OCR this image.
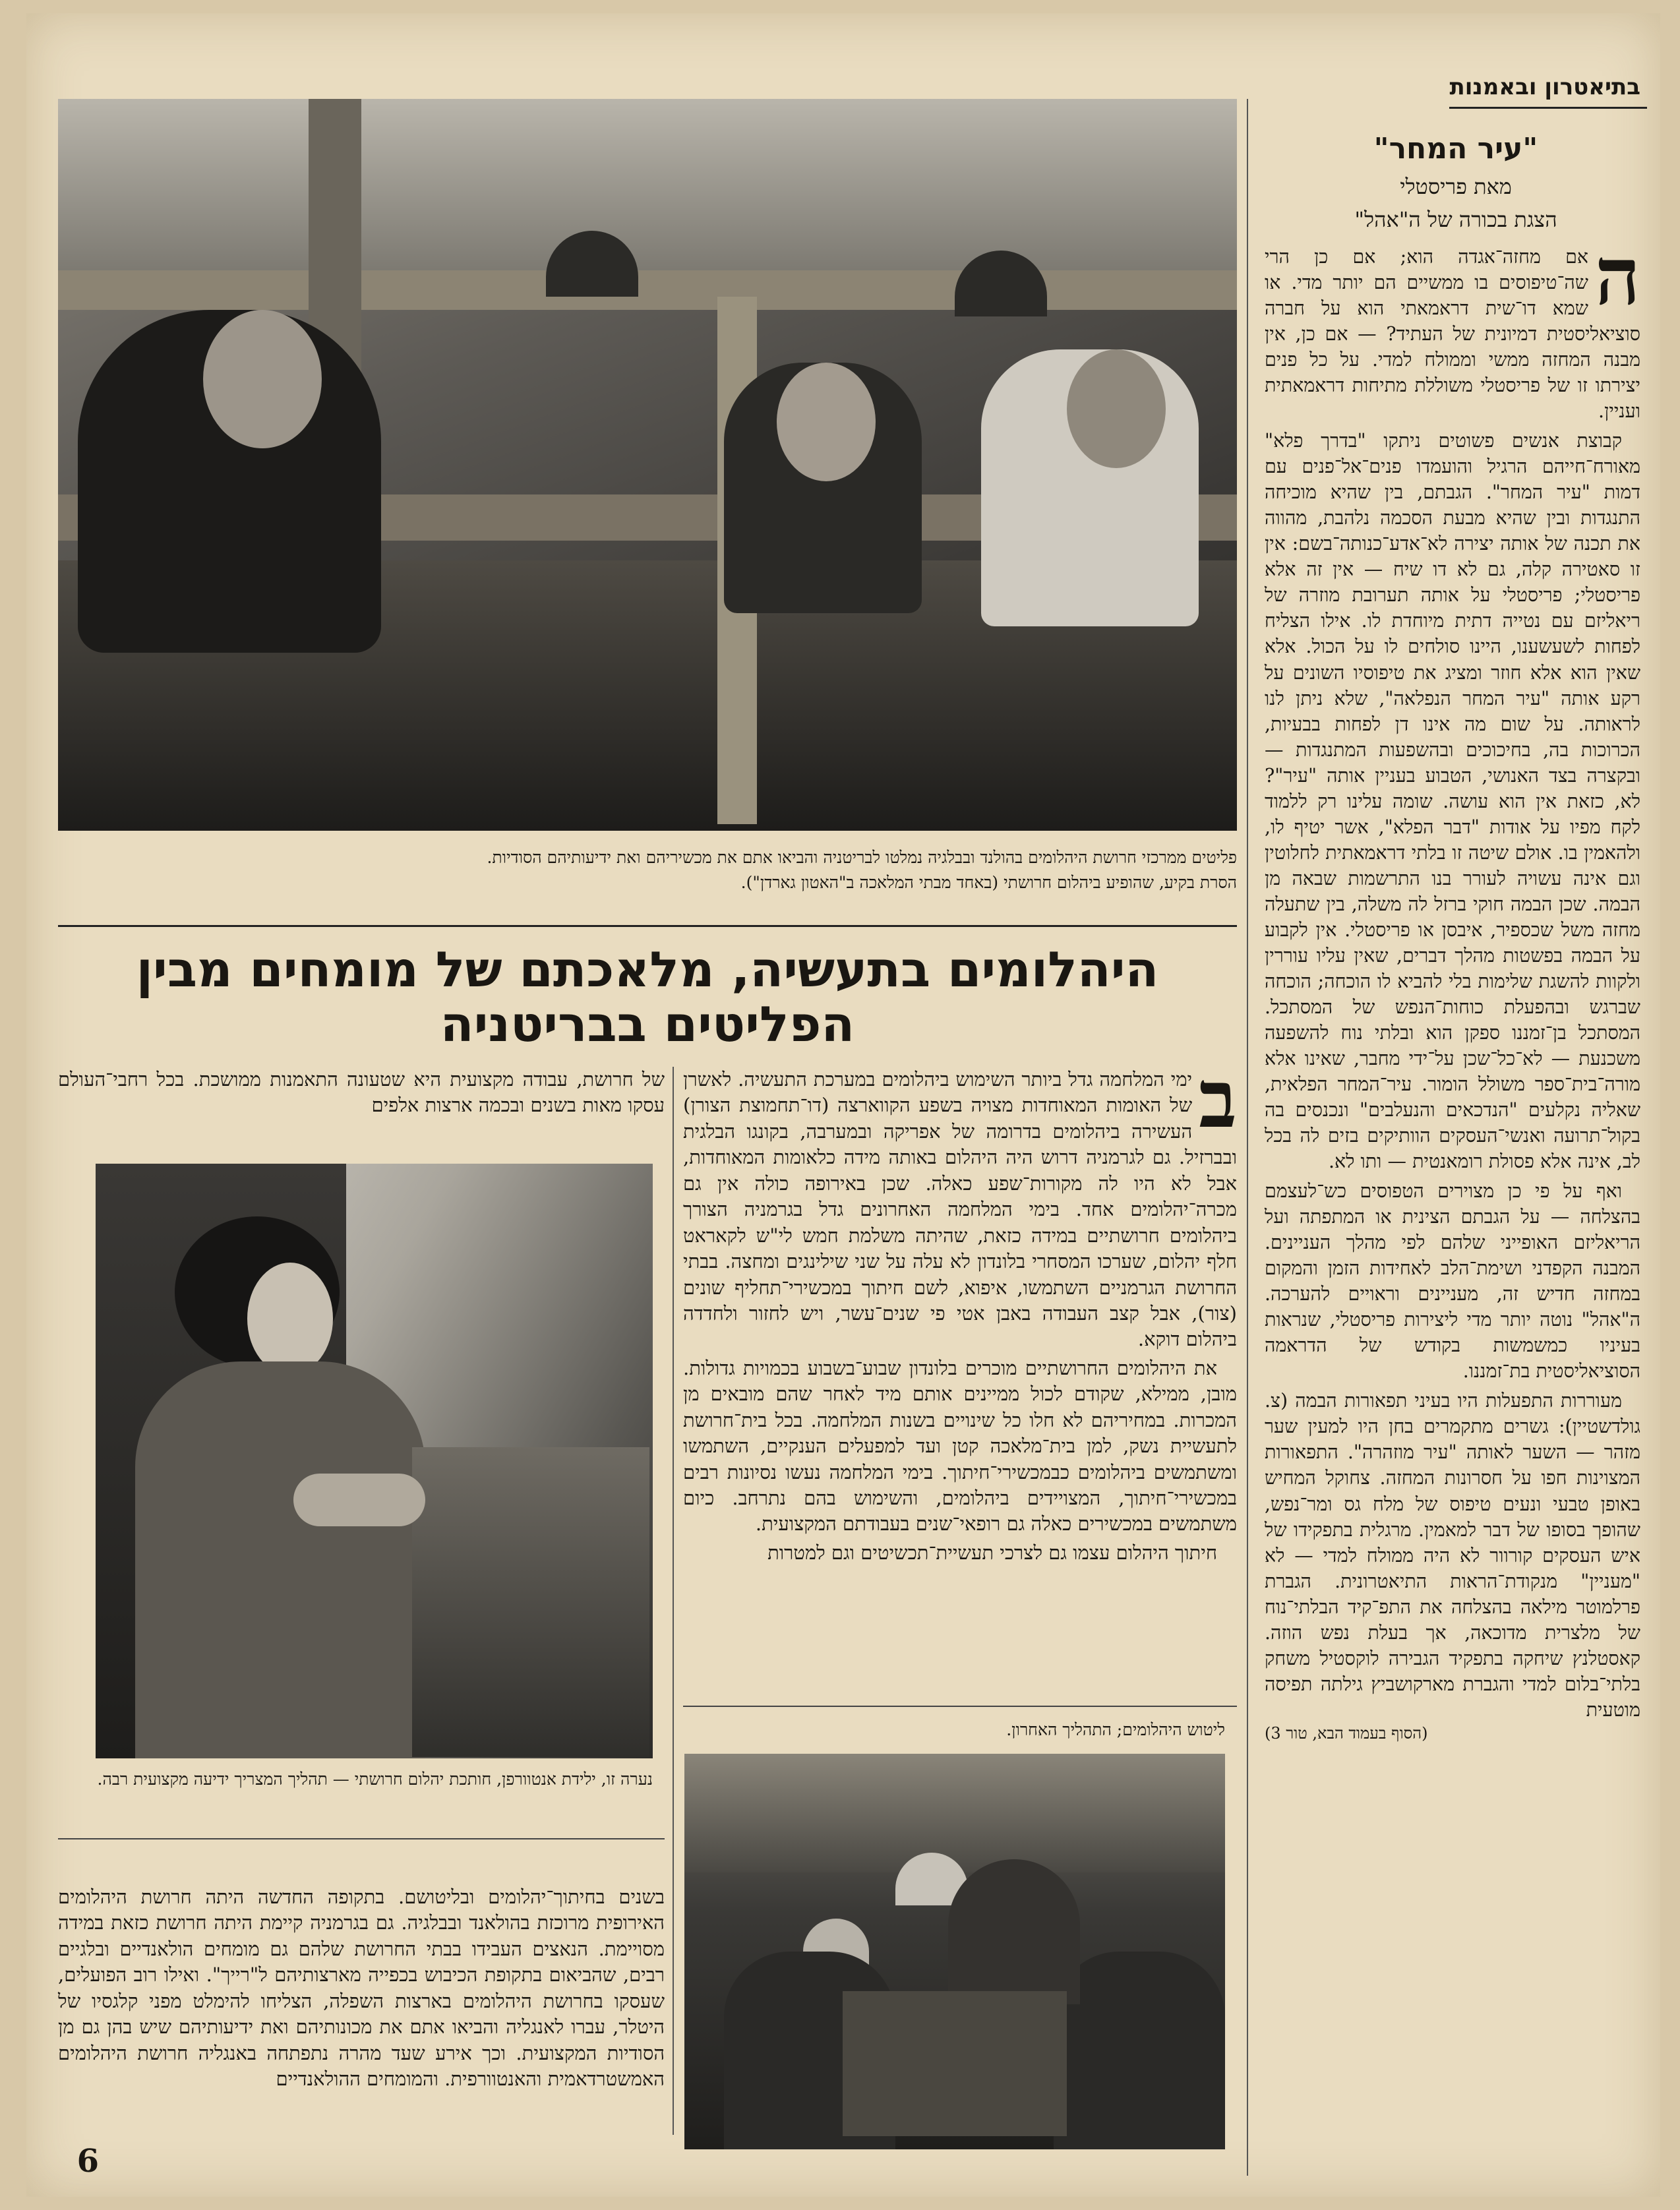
בתיאטרון ובאמנות
פליטים ממרכזי חרושת היהלומים בהולנד ובבלגיה נמלטו לבריטניה והביאו אתם את מכשיריהם ואת ידיעותיהם הסודיות.
הסרת בקיע, שהופיע ביהלום חרושתי (באחד מבתי המלאכה ב"האטון גארדן").
היהלומים בתעשיה, מלאכתם של מומחים מבין
הפליטים בבריטניה
ב

ימי המלחמה גדל ביותר השימוש ביהלומים במערכת התעשיה. לאשרן של האומות המאוחדות מצויה בשפע הקווארצה (דו־תחמוצת הצורן) העשירה ביהלומים בדרומה של אפריקה ובמערבה, בקונגו הבלגית ובברזיל. גם לגרמניה דרוש היה היהלום באותה מידה כלאומות המאוחדות, אבל לא היו לה מקורות־שפע כאלה. שכן באירופה כולה אין גם מכרה־יהלומים אחד. בימי המלחמה האחרונים גדל בגרמניה הצורך ביהלומים חרושתיים במידה כזאת, שהיתה משלמת חמש לי"ש לקאראט חלף יהלום, שערכו המסחרי בלונדון לא עלה על שני שילינגים ומחצה. בבתי החרושת הגרמניים השתמשו, איפוא, לשם חיתוך במכשירי־תחליף שונים (צור), אבל קצב העבודה באבן אטי פי שנים־עשר, ויש לחזור ולחדדה ביהלום דוקא.

את היהלומים החרושתיים מוכרים בלונדון שבוע־בשבוע בכמויות גדולות. מובן, ממילא, שקודם לכול ממיינים אותם מיד לאחר שהם מובאים מן המכרות. במחיריהם לא חלו כל שינויים בשנות המלחמה. בכל בית־חרושת לתעשיית נשק, למן בית־מלאכה קטן ועד למפעלים הענקיים, השתמשו ומשתמשים ביהלומים כבמכשירי־חיתוך. בימי המלחמה נעשו נסיונות רבים במכשירי־חיתוך, המצויידים ביהלומים, והשימוש בהם נתרחב. כיום משתמשים במכשירים כאלה גם רופאי־שנים בעבודתם המקצועית.

חיתוך היהלום עצמו גם לצרכי תעשיית־תכשיטים וגם למטרות

ליטוש היהלומים; התהליך האחרון.
של חרושת, עבודה מקצועית היא שטעונה התאמנות ממושכת. בכל רחבי־העולם עסקו מאות בשנים ובכמה ארצות אלפים
נערה זו, ילידת אנטוורפן, חותכת יהלום חרושתי — תהליך המצריך ידיעה מקצועית רבה.
בשנים בחיתוך־יהלומים ובליטושם. בתקופה החדשה היתה חרושת היהלומים האירופית מרוכזת בהולאנד ובבלגיה. גם בגרמניה קיימת היתה חרושת כזאת במידה מסויימת. הנאצים העבידו בבתי החרושת שלהם גם מומחים הולאנדיים ובלגיים רבים, שהביאום בתקופת הכיבוש בכפייה מארצותיהם ל"רייך". ואילו רוב הפועלים, שעסקו בחרושת היהלומים בארצות השפלה, הצליחו להימלט מפני קלגסיו של היטלר, עברו לאנגליה והביאו אתם את מכונותיהם ואת ידיעותיהם שיש בהן גם מן הסודיות המקצועית. וכך אירע שעד מהרה נתפתחה באנגליה חרושת היהלומים האמשטרדאמית והאנטוורפית. והמומחים ההולאנדיים
"עיר המחר"
מאת פריסטלי
הצגת בכורה של ה"אהל"
ה

אם מחזה־אגדה הוא; אם כן הרי שה־טיפוסים בו ממשיים הם יותר מדי. או שמא דו־שית דראמאתי הוא על חברה סוציאליסטית דמיונית של העתיד? — אם כן, אין מבנה המחזה ממשי וממולח למדי. על כל פנים יצירתו זו של פריסטלי משוללת מתיחות דראמאתית ועניין.

קבוצת אנשים פשוטים ניתקו "בדרך פלא" מאורח־חייהם הרגיל והועמדו פנים־אל־פנים עם דמות "עיר המחר". הגבתם, בין שהיא מוכיחה התנגדות ובין שהיא מבעת הסכמה נלהבת, מהווה את תכנה של אותה יצירה לא־אדע־כנותה־בשם: אין זו סאטירה קלה, גם לא דו שיח — אין זה אלא פריסטלי; פריסטלי על אותה תערובת מוזרה של ריאליזם עם נטייה דתית מיוחדת לו. אילו הצליח לפחות לשעשענו, היינו סולחים לו על הכול. אלא שאין הוא אלא חוזר ומציג את טיפוסיו השונים על רקע אותה "עיר המחר הנפלאה", שלא ניתן לנו לראותה. על שום מה אינו דן לפחות בבעיות, הכרוכות בה, בחיכוכים ובהשפעות המתנגדות — ובקצרה בצד האנושי, הטבוע בעניין אותה "עיר"? לא, כזאת אין הוא עושה. שומה עלינו רק ללמוד לקח מפיו על אודות "דבר הפלא", אשר יטיף לו, ולהאמין בו. אולם שיטה זו בלתי דראמאתית לחלוטין וגם אינה עשויה לעורר בנו התרשמות שבאה מן הבמה. שכן הבמה חוקי ברזל לה משלה, בין שתעלה מחזה משל שכספיר, איבסן או פריסטלי. אין לקבוע על הבמה בפשטות מהלך דברים, שאין עליו עוררין ולקוות להשגת שלימות בלי להביא לו הוכחה; הוכחה שברגש ובהפעלת כוחות־הנפש של המסתכל. המסתכל בן־זמננו ספקן הוא ובלתי נוח להשפעה משכנעת — לא־כל־שכן על־ידי מחבר, שאינו אלא מורה־בית־ספר משולל הומור. עיר־המחר הפלאית, שאליה נקלעים "הנדכאים והנעלבים" ונכנסים בה בקול־תרועה ואנשי־העסקים הוותיקים בזים לה בכל לב, אינה אלא פסולת רומאנטית — ותו לא.

ואף על פי כן מצוירים הטפוסים כש־לעצמם בהצלחה — על הגבתם הצינית או המתפתה ועל הריאליזם האופייני שלהם לפי מהלך העניינים. המבנה הקפדני ושימת־הלב לאחידות הזמן והמקום במחזה חדיש זה, מעניינים וראויים להערכה. ה"אהל" נוטה יותר מדי ליצירות פריסטלי, שנראות בעיניו כמשמשות בקודש של הדראמה הסוציאליסטית בת־זמננו.

מעוררות התפעלות היו בעיני תפאורות הבמה (צ. גולדשטיין): גשרים מתקמרים בחן היו למעין שער מזהר — השער לאותה "עיר מוזהרה". התפאורות המצוינות חפו על חסרונות המחזה. צחוקל המחיש באופן טבעי ונעים טיפוס של מלח גס ומר־נפש, שהופך בסופו של דבר למאמין. מרגלית בתפקידו של איש העסקים קורוור לא היה ממולח למדי — לא "מעניין" מנקודת־הראות התיאטרונית. הגברת פרלמוטר מילאה בהצלחה את התפ־קיד הבלתי־נוח של מלצרית מדוכאה, אך בעלת נפש הוזה. קאסטלנץ שיחקה בתפקיד הגבירה לוקסטיל משחק בלתי־בלום למדי והגברת מארקושביץ גילתה תפיסה מוטעית

(הסוף בעמוד הבא, טור 3)
6
